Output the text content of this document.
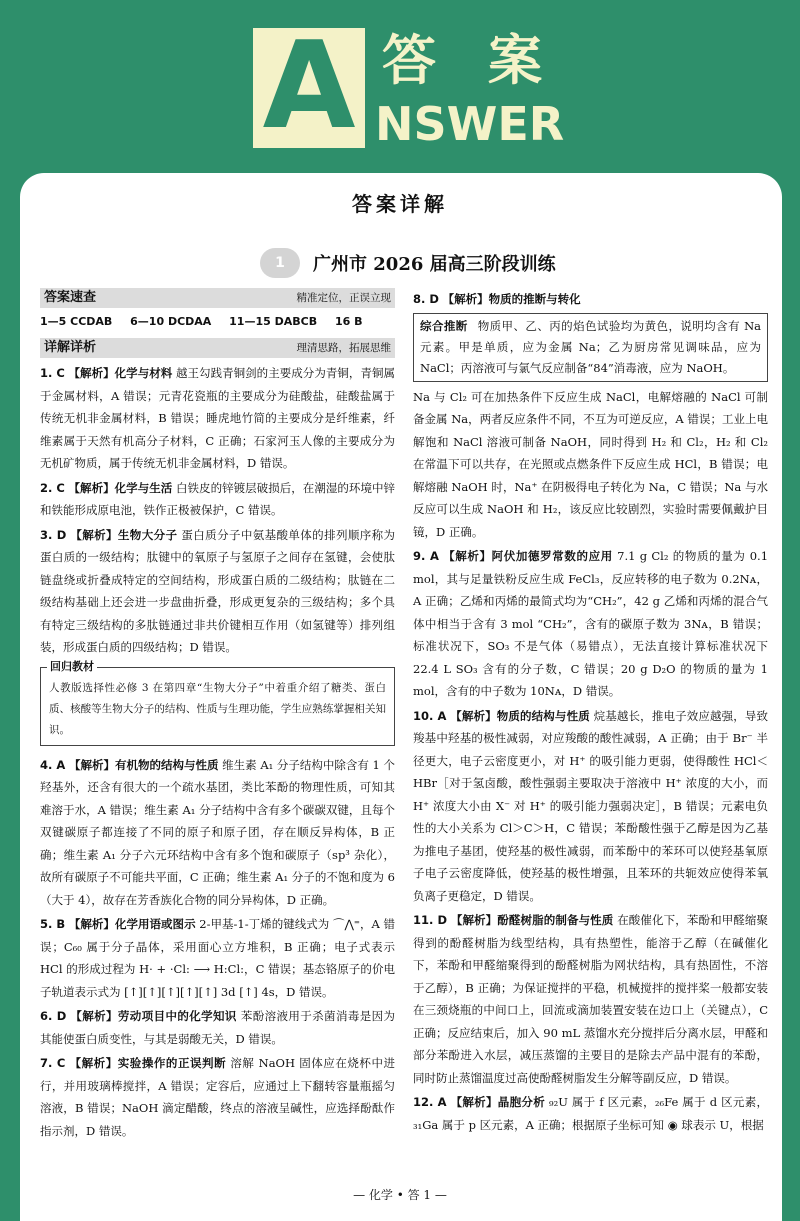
A 答案
NSWER
答案详解
1	广州市 2026 届高三阶段训练
答案速查	精准定位，正误立现
1—5 CCDAB 6—10 DCDAA 11—15 DABCB 16 B
详解详析	理清思路，拓展思维
1. C 【解析】化学与材料 越王勾践青铜剑的主要成分为青铜，青铜属于金属材料，A 错误；元青花瓷瓶的主要成分为硅酸盐，硅酸盐属于传统无机非金属材料，B 错误；睡虎地竹简的主要成分是纤维素，纤维素属于天然有机高分子材料，C 正确；石家河玉人像的主要成分为无机矿物质，属于传统无机非金属材料，D 错误。
2. C 【解析】化学与生活 白铁皮的锌镀层破损后，在潮湿的环境中锌和铁能形成原电池，铁作正极被保护，C 错误。
3. D 【解析】生物大分子 蛋白质分子中氨基酸单体的排列顺序称为蛋白质的一级结构；肽键中的氧原子与氢原子之间存在氢键，会使肽链盘绕或折叠成特定的空间结构，形成蛋白质的二级结构；肽链在二级结构基础上还会进一步盘曲折叠，形成更复杂的三级结构；多个具有特定三级结构的多肽链通过非共价键相互作用（如氢键等）排列组装，形成蛋白质的四级结构；D 错误。
回归教材
人教版选择性必修 3 在第四章“生物大分子”中着重介绍了糖类、蛋白质、核酸等生物大分子的结构、性质与生理功能，学生应熟练掌握相关知识。
4. A 【解析】有机物的结构与性质 维生素 A₁ 分子结构中除含有 1 个羟基外，还含有很大的一个疏水基团，类比苯酚的物理性质，可知其难溶于水，A 错误；维生素 A₁ 分子结构中含有多个碳碳双键，且每个双键碳原子都连接了不同的原子和原子团，存在顺反异构体，B 正确；维生素 A₁ 分子六元环结构中含有多个饱和碳原子（sp³ 杂化），故所有碳原子不可能共平面，C 正确；维生素 A₁ 分子的不饱和度为 6（大于 4），故存在芳香族化合物的同分异构体，D 正确。
5. B 【解析】化学用语或图示 2-甲基-1-丁烯的键线式为 ⌒⋀⁼，A 错误；C₆₀ 属于分子晶体，采用面心立方堆积，B 正确；电子式表示 HCl 的形成过程为 H· + ·Cl: ⟶ H:Cl:，C 错误；基态铬原子的价电子轨道表示式为 [↑][↑][↑][↑][↑] 3d [↑] 4s，D 错误。
6. D 【解析】劳动项目中的化学知识 苯酚溶液用于杀菌消毒是因为其能使蛋白质变性，与其是弱酸无关，D 错误。
7. C 【解析】实验操作的正误判断 溶解 NaOH 固体应在烧杯中进行，并用玻璃棒搅拌，A 错误；定容后，应通过上下翻转容量瓶摇匀溶液，B 错误；NaOH 滴定醋酸，终点的溶液呈碱性，应选择酚酞作指示剂，D 错误。
8. D 【解析】物质的推断与转化
综合推断 物质甲、乙、丙的焰色试验均为黄色，说明均含有 Na 元素。甲是单质，应为金属 Na；乙为厨房常见调味品，应为 NaCl；丙溶液可与氯气反应制备“84”消毒液，应为 NaOH。
Na 与 Cl₂ 可在加热条件下反应生成 NaCl，电解熔融的 NaCl 可制备金属 Na，两者反应条件不同，不互为可逆反应，A 错误；工业上电解饱和 NaCl 溶液可制备 NaOH，同时得到 H₂ 和 Cl₂，H₂ 和 Cl₂ 在常温下可以共存，在光照或点燃条件下反应生成 HCl，B 错误；电解熔融 NaOH 时，Na⁺ 在阴极得电子转化为 Na，C 错误；Na 与水反应可以生成 NaOH 和 H₂，该反应比较剧烈，实验时需要佩戴护目镜，D 正确。
9. A 【解析】阿伏加德罗常数的应用 7.1 g Cl₂ 的物质的量为 0.1 mol，其与足量铁粉反应生成 FeCl₃，反应转移的电子数为 0.2Nᴀ，A 正确；乙烯和丙烯的最简式均为“CH₂”，42 g 乙烯和丙烯的混合气体中相当于含有 3 mol “CH₂”，含有的碳原子数为 3Nᴀ，B 错误；标准状况下，SO₃ 不是气体（易错点），无法直接计算标准状况下 22.4 L SO₃ 含有的分子数，C 错误；20 g D₂O 的物质的量为 1 mol，含有的中子数为 10Nᴀ，D 错误。
10. A 【解析】物质的结构与性质 烷基越长，推电子效应越强，导致羧基中羟基的极性减弱，对应羧酸的酸性减弱，A 正确；由于 Br⁻ 半径更大，电子云密度更小，对 H⁺ 的吸引能力更弱，使得酸性 HCl＜HBr［对于氢卤酸，酸性强弱主要取决于溶液中 H⁺ 浓度的大小，而 H⁺ 浓度大小由 X⁻ 对 H⁺ 的吸引能力强弱决定］，B 错误；元素电负性的大小关系为 Cl＞C＞H，C 错误；苯酚酸性强于乙醇是因为乙基为推电子基团，使羟基的极性减弱，而苯酚中的苯环可以使羟基氧原子电子云密度降低，使羟基的极性增强，且苯环的共轭效应使得苯氧负离子更稳定，D 错误。
11. D 【解析】酚醛树脂的制备与性质 在酸催化下，苯酚和甲醛缩聚得到的酚醛树脂为线型结构，具有热塑性，能溶于乙醇（在碱催化下，苯酚和甲醛缩聚得到的酚醛树脂为网状结构，具有热固性，不溶于乙醇），B 正确；为保证搅拌的平稳，机械搅拌的搅拌桨一般都安装在三颈烧瓶的中间口上，回流或滴加装置安装在边口上（关键点），C 正确；反应结束后，加入 90 mL 蒸馏水充分搅拌后分离水层，甲醛和部分苯酚进入水层，减压蒸馏的主要目的是除去产品中混有的苯酚，同时防止蒸馏温度过高使酚醛树脂发生分解等副反应，D 错误。
12. A 【解析】晶胞分析 ₉₂U 属于 f 区元素，₂₆Fe 属于 d 区元素，₃₁Ga 属于 p 区元素，A 正确；根据原子坐标可知 ◉ 球表示 U，根据
— 化学 • 答 1 —
